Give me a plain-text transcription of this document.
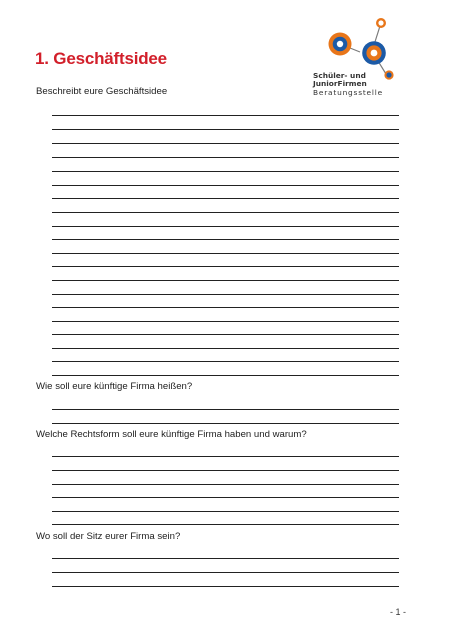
1. Geschäftsidee
Schüler- und
JuniorFirmen
Beratungsstelle
Beschreibt eure Geschäftsidee
Wie soll eure künftige Firma heißen?
Welche Rechtsform soll eure künftige Firma haben und warum?
Wo soll der Sitz eurer Firma sein?
- 1 -
